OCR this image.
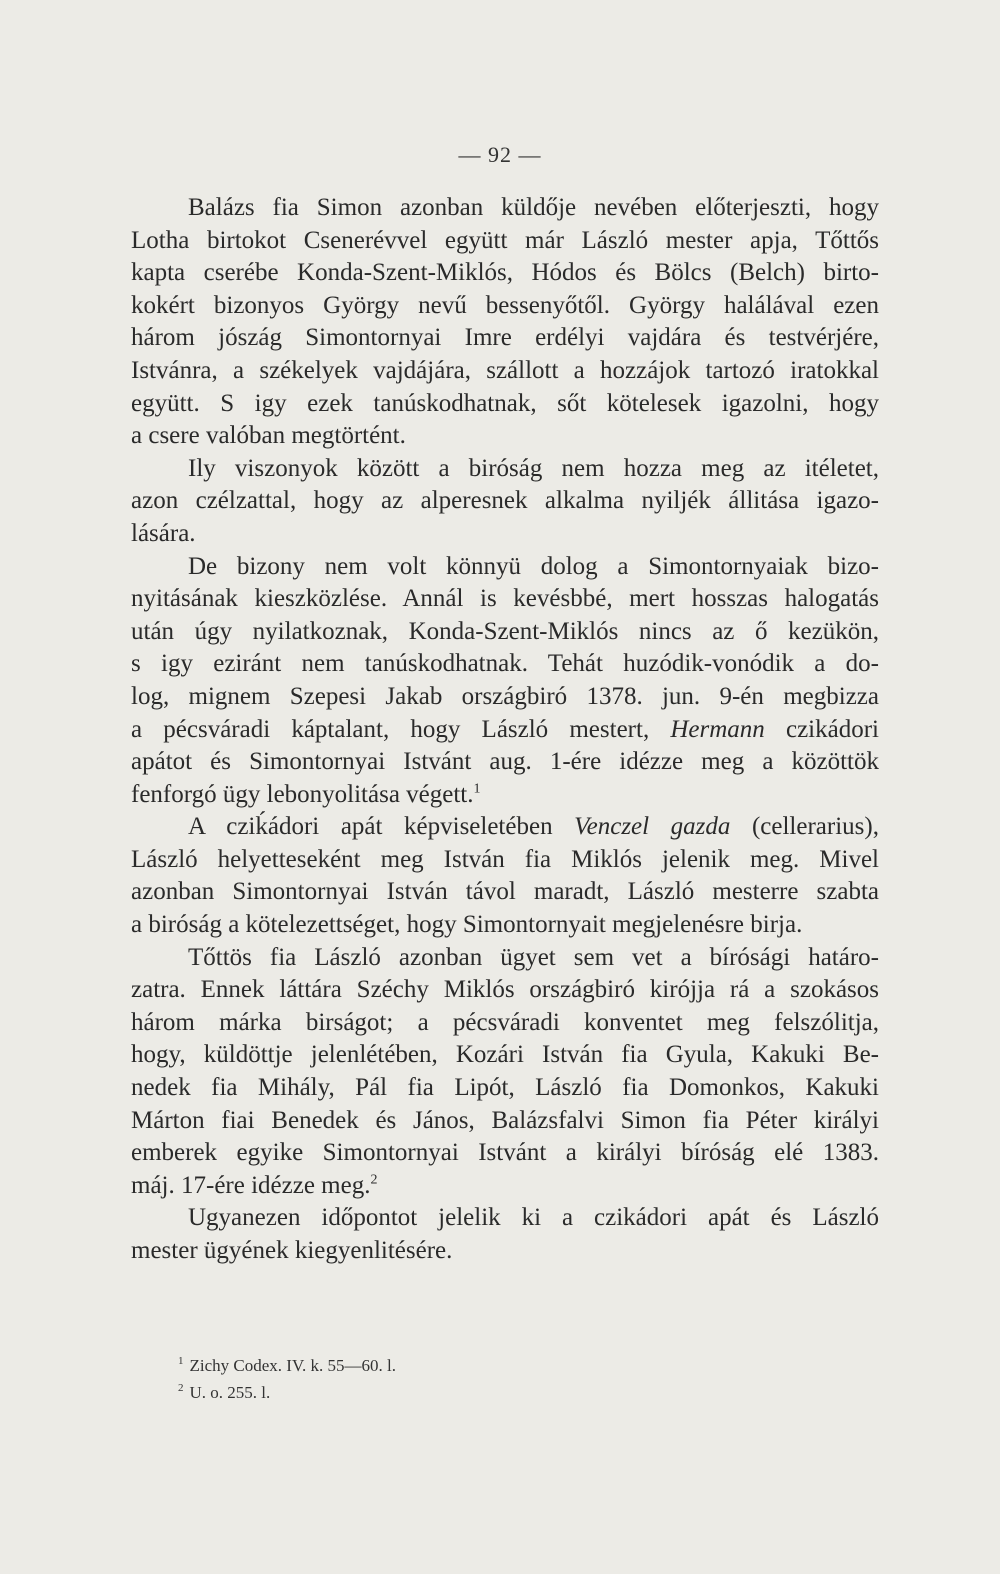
— 92 —
Balázs fia Simon azonban küldője nevében előterjeszti, hogy
Lotha birtokot Csenerévvel együtt már László mester apja, Tőttős
kapta cserébe Konda-Szent-Miklós, Hódos és Bölcs (Belch) birto-
kokért bizonyos György nevű bessenyőtől. György halálával ezen
három jószág Simontornyai Imre erdélyi vajdára és testvérjére,
Istvánra, a székelyek vajdájára, szállott a hozzájok tartozó iratokkal
együtt. S igy ezek tanúskodhatnak, sőt kötelesek igazolni, hogy
a csere valóban megtörtént.
Ily viszonyok között a biróság nem hozza meg az itéletet,
azon czélzattal, hogy az alperesnek alkalma nyiljék állitása igazo-
lására.
De bizony nem volt könnyü dolog a Simontornyaiak bizo-
nyitásának kieszközlése. Annál is kevésbbé, mert hosszas halogatás
után úgy nyilatkoznak, Konda-Szent-Miklós nincs az ő kezükön,
s igy eziránt nem tanúskodhatnak. Tehát huzódik-vonódik a do-
log, mignem Szepesi Jakab országbiró 1378. jun. 9-én megbizza
a pécsváradi káptalant, hogy László mestert, Hermann czikádori
apátot és Simontornyai Istvánt aug. 1-ére idézze meg a közöttök
fenforgó ügy lebonyolitása végett.$^1$
A cziḱádori apát képviseletében Venczel gazda (cellerarius),
László helyetteseként meg István fia Miklós jelenik meg. Mivel
azonban Simontornyai István távol maradt, László mesterre szabta
a biróság a kötelezettséget, hogy Simontornyait megjelenésre birja.
Tőttös fia László azonban ügyet sem vet a bírósági határo-
zatra. Ennek láttára Széchy Miklós országbiró kirójja rá a szokásos
három márka birságot; a pécsváradi konventet meg felszólitja,
hogy, küldöttje jelenlétében, Kozári István fia Gyula, Kakuki Be-
nedek fia Mihály, Pál fia Lipót, László fia Domonkos, Kakuki
Márton fiai Benedek és János, Balázsfalvi Simon fia Péter királyi
emberek egyike Simontornyai Istvánt a királyi bíróság elé 1383.
máj. 17-ére idézze meg.$^2$
Ugyanezen időpontot jelelik ki a czikádori apát és László
mester ügyének kiegyenlitésére.
$^1$ Zichy Codex. IV. k. 55—60. l.
$^2$ U. o. 255. l.
